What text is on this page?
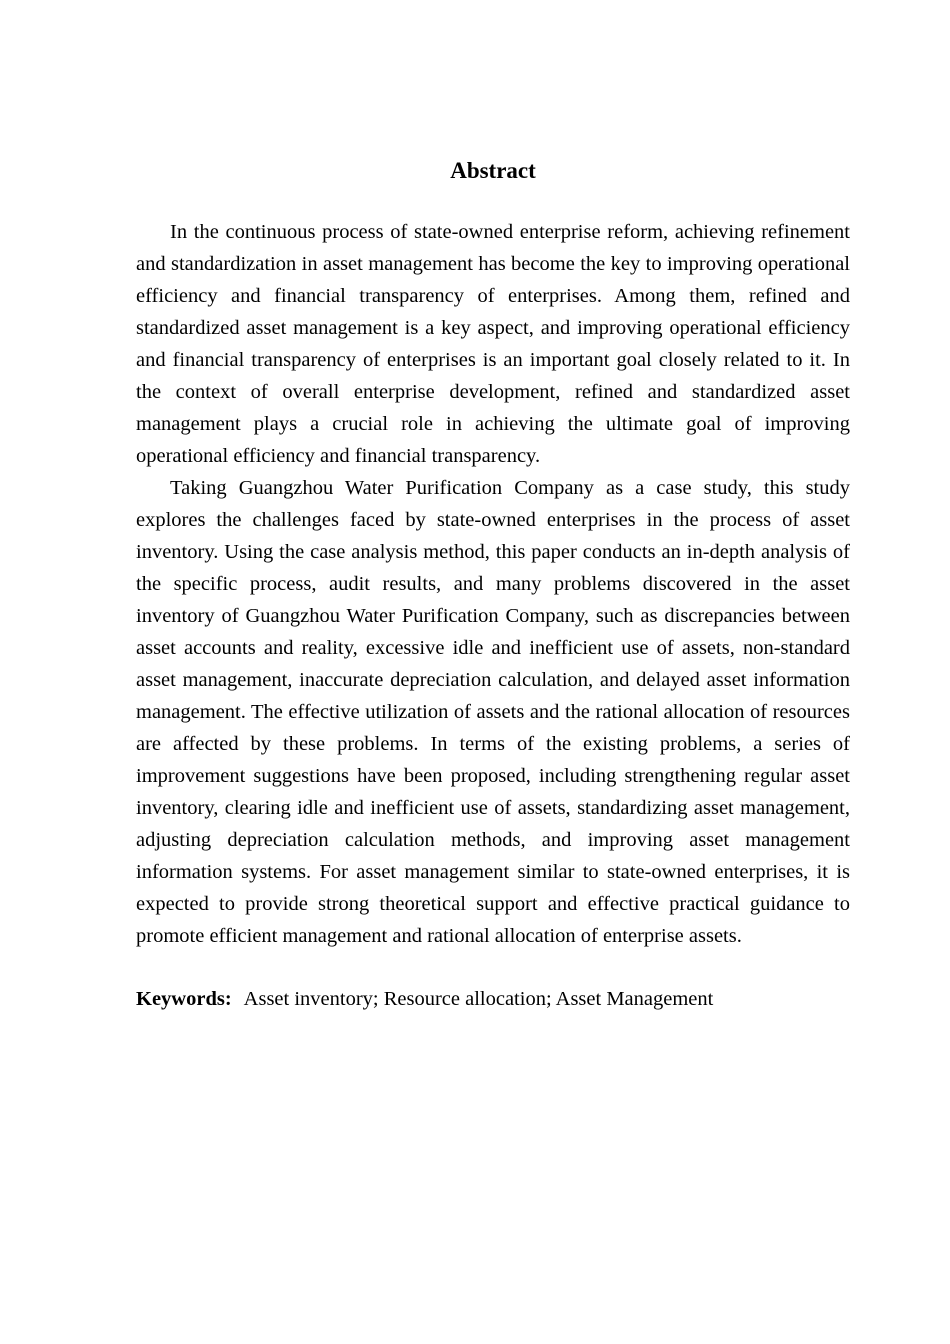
Abstract

In the continuous process of state-owned enterprise reform, achieving refinement and standardization in asset management has become the key to improving operational efficiency and financial transparency of enterprises. Among them, refined and standardized asset management is a key aspect, and improving operational efficiency and financial transparency of enterprises is an important goal closely related to it. In the context of overall enterprise development, refined and standardized asset management plays a crucial role in achieving the ultimate goal of improving operational efficiency and financial transparency.

Taking Guangzhou Water Purification Company as a case study, this study explores the challenges faced by state-owned enterprises in the process of asset inventory. Using the case analysis method, this paper conducts an in-depth analysis of the specific process, audit results, and many problems discovered in the asset inventory of Guangzhou Water Purification Company, such as discrepancies between asset accounts and reality, excessive idle and inefficient use of assets, non-standard asset management, inaccurate depreciation calculation, and delayed asset information management. The effective utilization of assets and the rational allocation of resources are affected by these problems. In terms of the existing problems, a series of improvement suggestions have been proposed, including strengthening regular asset inventory, clearing idle and inefficient use of assets, standardizing asset management, adjusting depreciation calculation methods, and improving asset management information systems. For asset management similar to state-owned enterprises, it is expected to provide strong theoretical support and effective practical guidance to promote efficient management and rational allocation of enterprise assets.

Keywords: Asset inventory; Resource allocation; Asset Management
